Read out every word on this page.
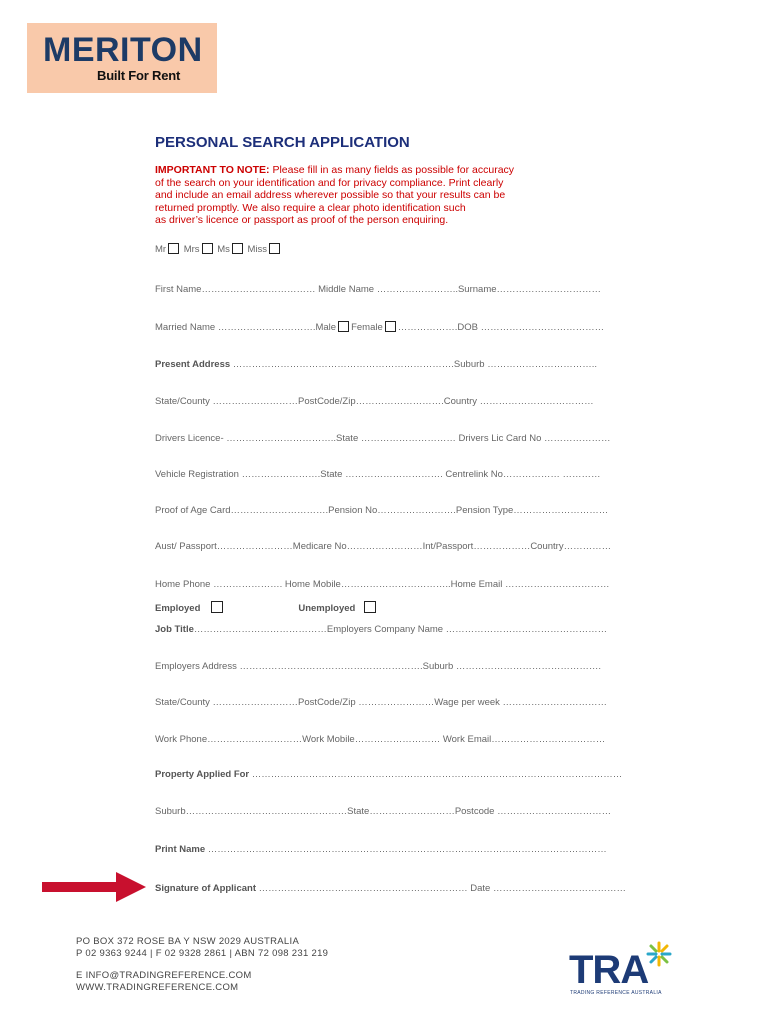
MERITON
Built For Rent
PERSONAL SEARCH APPLICATION
IMPORTANT TO NOTE: Please fill in as many fields as possible for accuracy
of the search on your identification and for privacy compliance. Print clearly
and include an email address wherever possible so that your results can be
returned promptly. We also require a clear photo identification such
as driver’s licence or passport as proof of the person enquiring.
Mr Mrs Ms Miss
First Name……………………………… Middle Name ……………………..Surname……………………………
Married Name ………………………….Male Female ……………….DOB …………………………………
Present Address …………………………………………………………….Suburb ……………………………..
State/County ………………………PostCode/Zip……………………….Country ………………………………
Drivers Licence- ……………………………..State ………………………… Drivers Lic Card No …………………
Vehicle Registration …………………….State …………………………. Centrelink No……………… …………
Proof of Age Card………………………….Pension No…………………….Pension Type…………………………
Aust/ Passport……………………Medicare No……………………Int/Passport………………Country……………
Home Phone …………………. Home Mobile……………………………..Home Email ……………………………
Employed	Unemployed
Job Title……………………………………Employers Company Name ……………………………………………
Employers Address ………………………………………………….Suburb ……………………………………….
State/County ………………………PostCode/Zip ……………………Wage per week ……………………………
Work Phone…………………………Work Mobile……………………… Work Email………………………………
Property Applied For ………………………………………………………………………………………………………
Suburb……………………………………………State………………………Postcode ………………………………
Print Name ………………………………………………………………………………………………………………
Signature of Applicant ………………………………………………………… Date ……………………………………
PO BOX 372 ROSE BA Y NSW 2029 AUSTRALIA
P 02 9363 9244 | F 02 9328 2861 | ABN 72 098 231 219
E INFO@TRADINGREFERENCE.COM
WWW.TRADINGREFERENCE.COM	TRA
TRADING REFERENCE AUSTRALIA
